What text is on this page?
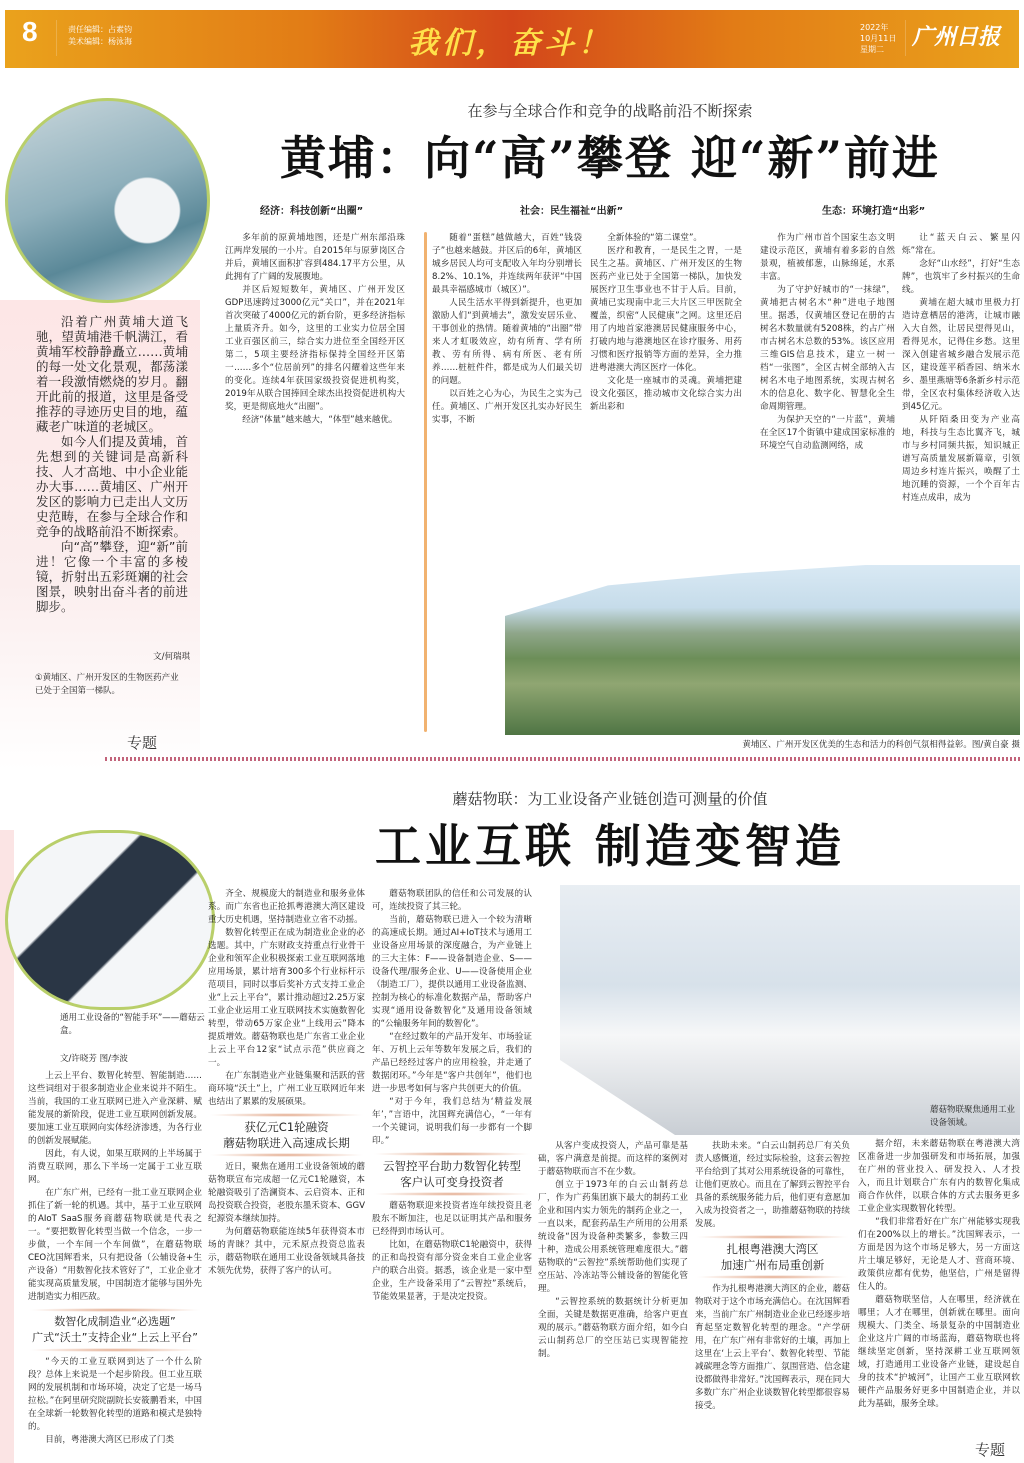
8	责任编辑：占素钧
美术编辑：杨泳海	我们，奋斗！	2022年
10月11日
星期二	广州日报

沿着广州黄埔大道飞驰，望黄埔港千帆满江，看黄埔军校静静矗立……黄埔的每一处文化景观，都荡漾着一段激情燃烧的岁月。翻开此前的报道，这里是备受推荐的寻迹历史目的地，蕴藏老广味道的老城区。

如今人们提及黄埔，首先想到的关键词是高新科技、人才高地、中小企业能办大事……黄埔区、广州开发区的影响力已走出人文历史范畴，在参与全球合作和竞争的战略前沿不断探索。

向“高”攀登，迎“新”前进！它像一个丰富的多棱镜，折射出五彩斑斓的社会图景，映射出奋斗者的前进脚步。

文/何瑞琪
①黄埔区、广州开发区的生物医药产业已处于全国第一梯队。
专题
在参与全球合作和竞争的战略前沿不断探索
黄埔：向“高”攀登 迎“新”前进
经济：科技创新“出圈”	社会：民生福祉“出新”	生态：环境打造“出彩”

多年前的原黄埔地图，还是广州东部沿珠江两岸发展的一小片。自2015年与原萝岗区合并后，黄埔区面积扩容到484.17平方公里，从此拥有了广阔的发展腹地。

并区后短短数年，黄埔区、广州开发区GDP迅速跨过3000亿元“关口”，并在2021年首次突破了4000亿元的新台阶，更多经济指标上量质齐升。如今，这里的工业实力位居全国工业百强区前三，综合实力进位至全国经开区第二，5项主要经济指标保持全国经开区第一……多个“位居前列”的排名闪耀着这些年来的变化。连续4年获国家级投资促进机构奖，2019年从联合国捧回全球杰出投资促进机构大奖，更是彻底地火“出圈”。

经济“体量”越来越大，“体型”越来越优。

随着“蛋糕”越做越大，百姓“钱袋子”也越来越鼓。并区后的6年，黄埔区城乡居民人均可支配收入年均分别增长8.2%、10.1%，并连续两年获评“中国最具幸福感城市（城区）”。

人民生活水平得到新提升，也更加激励人们“到黄埔去”，激发安居乐业、干事创业的热情。随着黄埔的“出圈”带来人才虹吸效应，幼有所育、学有所教、劳有所得、病有所医、老有所养……桩桩件件，都是成为人们最关切的问题。

以百姓之心为心，为民生之实为己任。黄埔区、广州开发区扎实办好民生实事，不断

全新体验的“第二课堂”。

医疗和教育，一是民生之胃，一是民生之基。黄埔区、广州开发区的生物医药产业已处于全国第一梯队，加快发展医疗卫生事业也不甘于人后。目前，黄埔已实现南中北三大片区三甲医院全覆盖，织密“人民健康”之网。这里还启用了内地首家港澳居民健康服务中心，打破内地与港澳地区在诊疗服务、用药习惯和医疗报销等方面的差异，全力推进粤港澳大湾区医疗一体化。

文化是一座城市的灵魂。黄埔把建设文化强区，推动城市文化综合实力出新出彩和

作为广州市首个国家生态文明建设示范区，黄埔有着多彩的自然景观，植被郁葱，山脉绵延，水系丰富。

为了守护好城市的“一抹绿”，黄埔把古树名木“种”进电子地图里。据悉，仅黄埔区登记在册的古树名木数量就有5208株，约占广州市古树名木总数的53%。该区应用三维GIS信息技术，建立一树一档“一张图”，全区古树全部纳入古树名木电子地图系统，实现古树名木的信息化、数字化、智慧化全生命周期管理。

为保护天空的“一片蓝”，黄埔在全区17个街镇中建成国家标准的环境空气自动监测网络，成

让“蓝天白云、繁星闪烁”常在。

念好“山水经”，打好“生态牌”，也筑牢了乡村振兴的生命线。

黄埔在超大城市里极力打造诗意栖居的港湾，让城市融入大自然，让居民望得见山，看得见水，记得住乡愁。这里深入创建省城乡融合发展示范区，建设莲平稻香园、纳米水乡、墨里燕塘等6条新乡村示范带，全区农村集体经济收入达到45亿元。

从阡陌桑田变为产业高地，科技与生态比翼齐飞，城市与乡村同频共振，知识城正谱写高质量发展新篇章，引领周边乡村连片振兴，唤醒了土地沉睡的资源，一个个百年古村连点成串，成为

黄埔区、广州开发区优美的生态和活力的科创气氛相得益彰。图/黄自豪 摄
蘑菇物联：为工业设备产业链创造可测量的价值
工业互联 制造变智造
通用工业设备的“智能手环”——蘑菇云盒。
文/许晓芳 图/李波

上云上平台、数智化转型、智能制造……这些词组对于很多制造业企业来说并不陌生。当前，我国的工业互联网已进入产业深耕、赋能发展的新阶段，促进工业互联网创新发展。要加速工业互联网向实体经济渗透，为各行业的创新发展赋能。

因此，有人说，如果互联网的上半场属于消费互联网，那么下半场一定属于工业互联网。

在广东广州，已经有一批工业互联网企业抓住了新一轮的机遇。其中，基于工业互联网的AIoT SaaS服务商蘑菇物联就是代表之一。“要把数智化转型当做一个信念，一步一步做，一个车间一个车间做”，在蘑菇物联CEO沈国辉看来，只有把设备（公辅设备+生产设备）“用数智化技术管好了”，工业企业才能实现高质量发展，中国制造才能够与国外先进制造实力相匹敌。

数智化成制造业“必选题”
广式“沃土”支持企业“上云上平台”

“今天的工业互联网到达了一个什么阶段？总体上来说是一个起步阶段。但工业互联网的发展机制和市场环境，决定了它是一场马拉松。”在阿里研究院副院长安筱鹏看来，中国在全球新一轮数智化转型的道路和模式是独特的。

目前，粤港澳大湾区已形成了门类

齐全、规模庞大的制造业和服务业体系。而广东省也正抢抓粤港澳大湾区建设重大历史机遇，坚持制造业立省不动摇。

数智化转型正在成为制造业企业的必选题。其中，广东财政支持重点行业骨干企业和领军企业积极探索工业互联网落地应用场景，累计培育300多个行业标杆示范项目，同时以事后奖补方式支持工业企业“上云上平台”，累计推动超过2.25万家工业企业运用工业互联网技术实施数智化转型，带动65万家企业“上线用云”降本提质增效。蘑菇物联也是广东省工业企业上云上平台12家“试点示范”供应商之一。

在广东制造业产业链集聚和活跃的营商环境“沃土”上，广州工业互联网近年来也结出了累累的发展硕果。

获亿元C1轮融资
蘑菇物联进入高速成长期

近日，聚焦在通用工业设备领域的蘑菇物联宣布完成超一亿元C1轮融资，本轮融资吸引了浩澜资本、云启资本、正和岛投资联合投资，老股东墨禾资本、GGV纪源资本继续加持。

为何蘑菇物联能连续5年获得资本市场的青睐？其中，元禾原点投资总监表示，蘑菇物联在通用工业设备领域具备技术领先优势，获得了客户的认可。

蘑菇物联团队的信任和公司发展的认可，连续投资了其三轮。

当前，蘑菇物联已进入一个较为清晰的高速成长期。通过AI+IoT技术与通用工业设备应用场景的深度融合，为产业链上的三大主体：F——设备制造企业、S——设备代理/服务企业、U——设备使用企业（制造工厂），提供以通用工业设备监测、控制为核心的标准化数据产品，帮助客户实现“通用设备数智化”及通用设备领域的“公输服务年间的数智化”。

“在经过数年的产品开发年、市场验证年、万机上云年等数年发展之后，我们的产品已经经过客户的应用检验，并走通了数据闭环。”今年是“客户共创年”，他们也进一步思考如何与客户共创更大的价值。

“对于今年，我们总结为‘精益发展年’，”言语中，沈国辉充满信心，“一年有一个关键词，说明我们每一步都有一个脚印。”

云智控平台助力数智化转型
客户认可变身投资者

蘑菇物联迎来投资者连年续投资且老股东不断加注，也足以证明其产品和服务已经得到市场认可。

比如，在蘑菇物联C1轮融资中，获得的正和岛投资有部分资金来自工业企业客户的联合出资。据悉，该企业是一家中型企业，生产设备采用了“云智控”系统后，节能效果显著，于是决定投资。

蘑菇物联聚焦通用工业设备领域。

从客户变成投资人，产品可靠是基础，客户满意是前提。而这样的案例对于蘑菇物联而言不在少数。

创立于1973年的白云山制药总厂，作为广药集团旗下最大的制药工业企业和国内实力领先的制药企业之一，一直以来，配套药品生产所用的公用系统设备“因为设备种类繁多，参数三四十种，造成公用系统管理难度很大。”蘑菇物联的“云智控”系统帮助他们实现了空压站、冷冻站等公辅设备的智能化管理。

“云智控系统的数据统计分析更加全面，关键是数据更准确，给客户更直观的展示。”蘑菇物联方面介绍，如今白云山制药总厂的空压站已实现智能控制。

扶助未来。“白云山制药总厂有关负责人感慨道，经过实际检验，这套云智控平台给到了其对公用系统设备的可靠性，让他们更放心。而且在了解到云智控平台具备的系统服务能力后，他们更有意愿加入成为投资者之一，助推蘑菇物联的持续发展。

扎根粤港澳大湾区
加速广州布局重创新

作为扎根粤港澳大湾区的企业，蘑菇物联对于这个市场充满信心。在沈国辉看来，当前广东广州制造业企业已经逐步培育起坚定数智化转型的理念。“产学研用，在广东广州有非常好的土壤，再加上这里在‘上云上平台’、数智化转型、节能减碳理念等方面推广、氛围营造、信念建设都做得非常好。”沈国辉表示，现在同大多数广东广州企业谈数智化转型都很容易接受。

据介绍，未来蘑菇物联在粤港澳大湾区准备进一步加强研发和市场拓展，加强在广州的营业投入、研发投入、人才投入，而且计划联合广东有内的数智化集成商合作伙伴，以联合体的方式去服务更多工业企业实现数智化转型。

“我们非常看好在广东广州能够实现我们在200%以上的增长。”沈国辉表示，一方面是因为这个市场足够大，另一方面这片土壤足够好，无论是人才、营商环境、政策供应都有优势，他坚信，广州是留得住人的。

蘑菇物联坚信，人在哪里，经济就在哪里；人才在哪里，创新就在哪里。面向规模大、门类全、场景复杂的中国制造业企业这片广阔的市场蓝海，蘑菇物联也将继续坚定创新，坚持深耕工业互联网领域，打造通用工业设备产业链，建设起自身的技术“护城河”，让国产工业互联网软硬件产品服务好更多中国制造企业，并以此为基础，服务全球。

专题
